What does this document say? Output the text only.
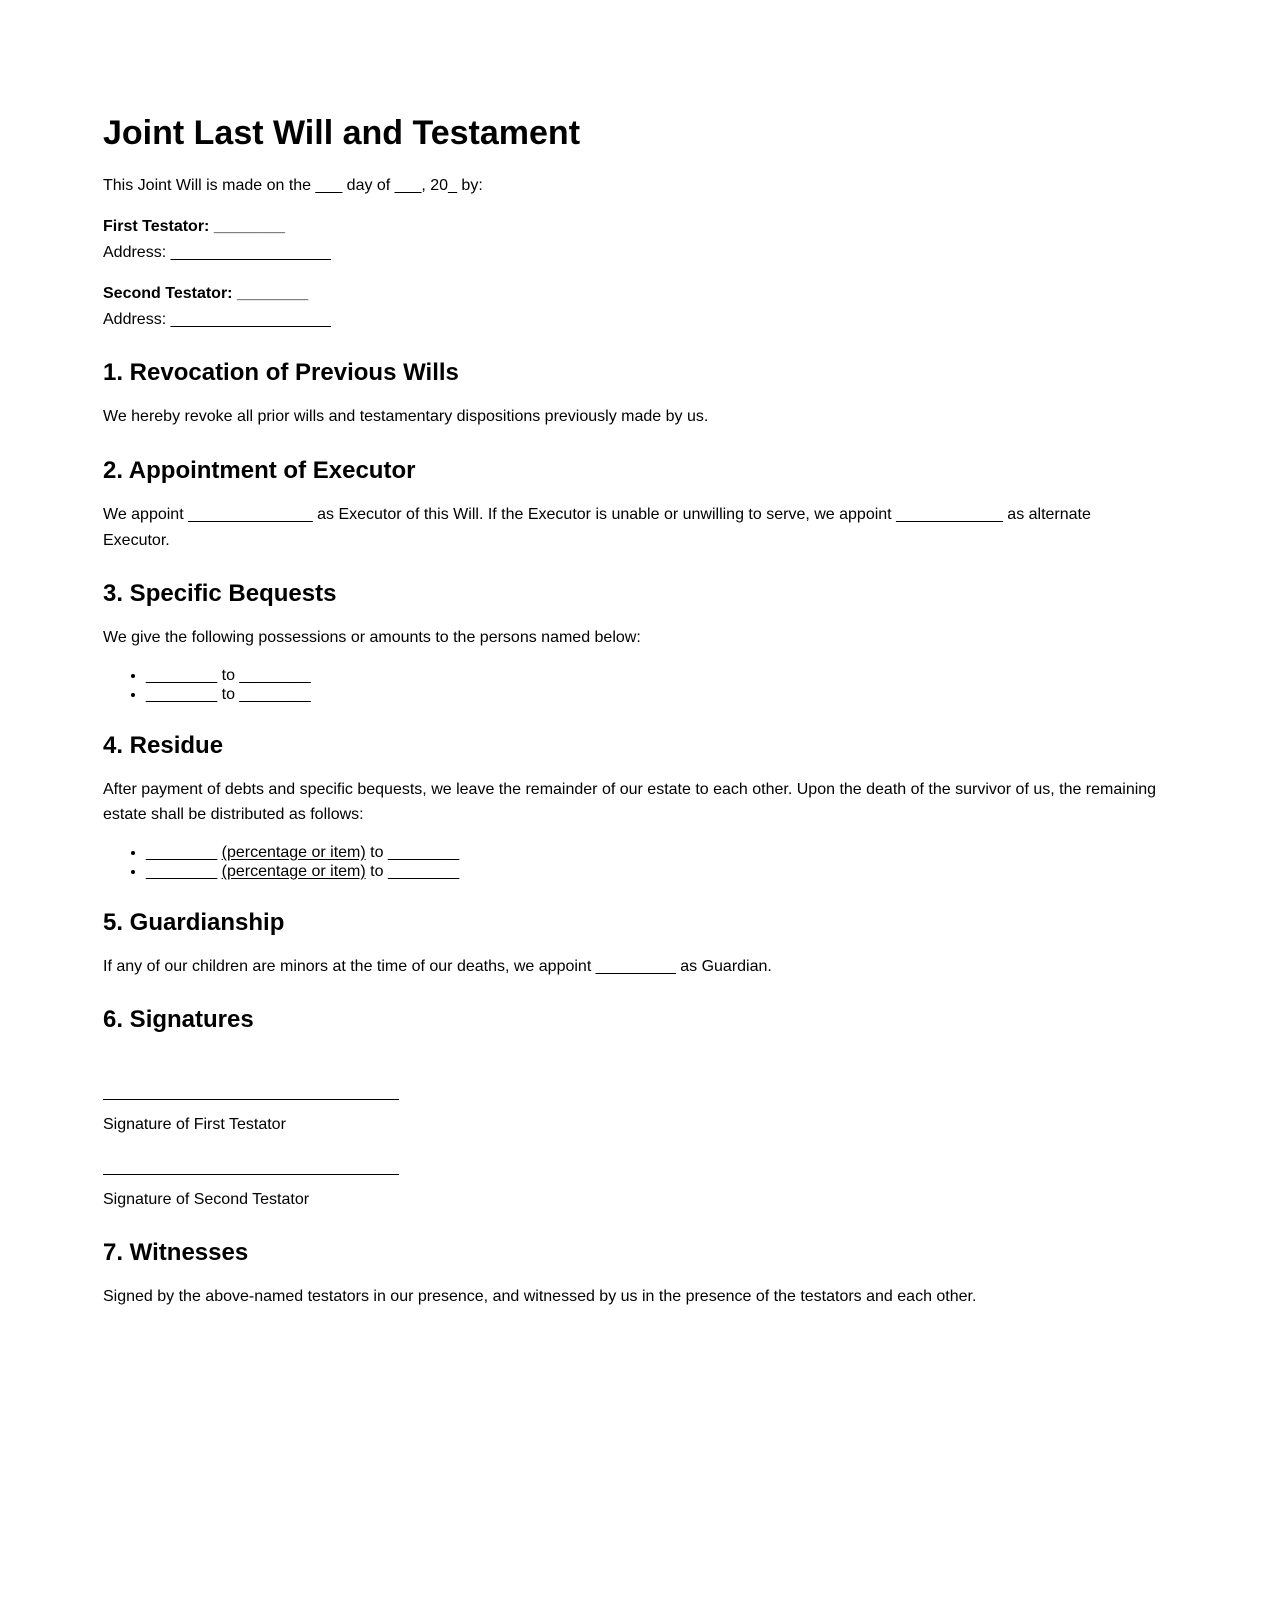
Joint Last Will and Testament

This Joint Will is made on the ___ day of ___, 20_ by:

First Testator: ________
Address: __________________

Second Testator: ________
Address: __________________

1. Revocation of Previous Wills

We hereby revoke all prior wills and testamentary dispositions previously made by us.

2. Appointment of Executor

We appoint ______________ as Executor of this Will. If the Executor is unable or unwilling to serve, we appoint ____________ as alternate Executor.

3. Specific Bequests

We give the following possessions or amounts to the persons named below:

• ________ to ________
• ________ to ________
4. Residue

After payment of debts and specific bequests, we leave the remainder of our estate to each other. Upon the death of the survivor of us, the remaining estate shall be distributed as follows:

• ________ (percentage or item) to ________
• ________ (percentage or item) to ________
5. Guardianship

If any of our children are minors at the time of our deaths, we appoint _________ as Guardian.

6. Signatures

Signature of First Testator

Signature of Second Testator

7. Witnesses

Signed by the above-named testators in our presence, and witnessed by us in the presence of the testators and each other.
